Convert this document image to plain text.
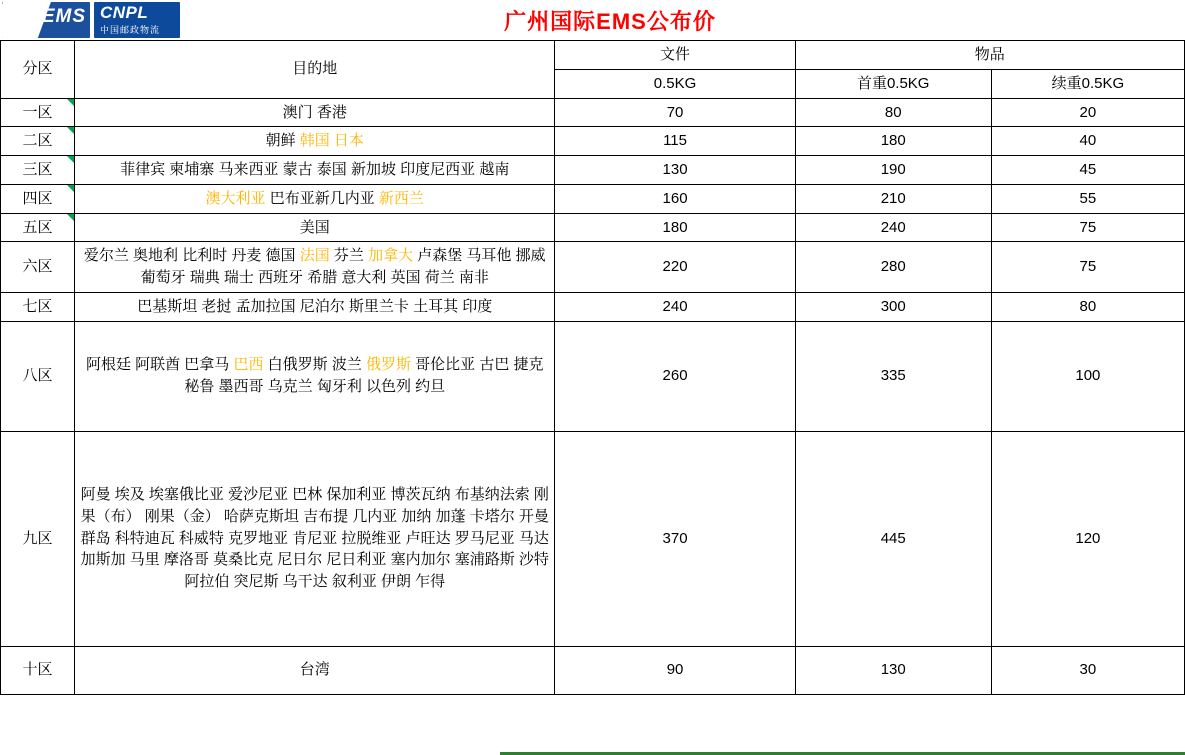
EMS CNPL
中国邮政物流	广州国际EMS公布价
分区	目的地	文件	物品	
		0.5KG	首重0.5KG	续重0.5KG
一区	澳门 香港	70	80	20
二区	朝鲜 韩国 日本	115	180	40
三区	菲律宾 柬埔寨 马来西亚 蒙古 泰国 新加坡 印度尼西亚 越南	130	190	45
四区	澳大利亚 巴布亚新几内亚 新西兰	160	210	55
五区	美国	180	240	75
六区	爱尔兰 奥地利 比利时 丹麦 德国 法国 芬兰 加拿大 卢森堡 马耳他 挪威 葡萄牙 瑞典 瑞士 西班牙 希腊 意大利 英国 荷兰 南非	220	280	75
七区	巴基斯坦 老挝 孟加拉国 尼泊尔 斯里兰卡 土耳其 印度	240	300	80
八区	阿根廷 阿联酋 巴拿马 巴西 白俄罗斯 波兰 俄罗斯 哥伦比亚 古巴 捷克 秘鲁 墨西哥 乌克兰 匈牙利 以色列 约旦	260	335	100
九区	阿曼 埃及 埃塞俄比亚 爱沙尼亚 巴林 保加利亚 博茨瓦纳 布基纳法索 刚果（布） 刚果（金） 哈萨克斯坦 吉布提 几内亚 加纳 加蓬 卡塔尔 开曼群岛 科特迪瓦 科威特 克罗地亚 肯尼亚 拉脱维亚 卢旺达 罗马尼亚 马达加斯加 马里 摩洛哥 莫桑比克 尼日尔 尼日利亚 塞内加尔 塞浦路斯 沙特阿拉伯 突尼斯 乌干达 叙利亚 伊朗 乍得	370	445	120
十区	台湾	90	130	30
